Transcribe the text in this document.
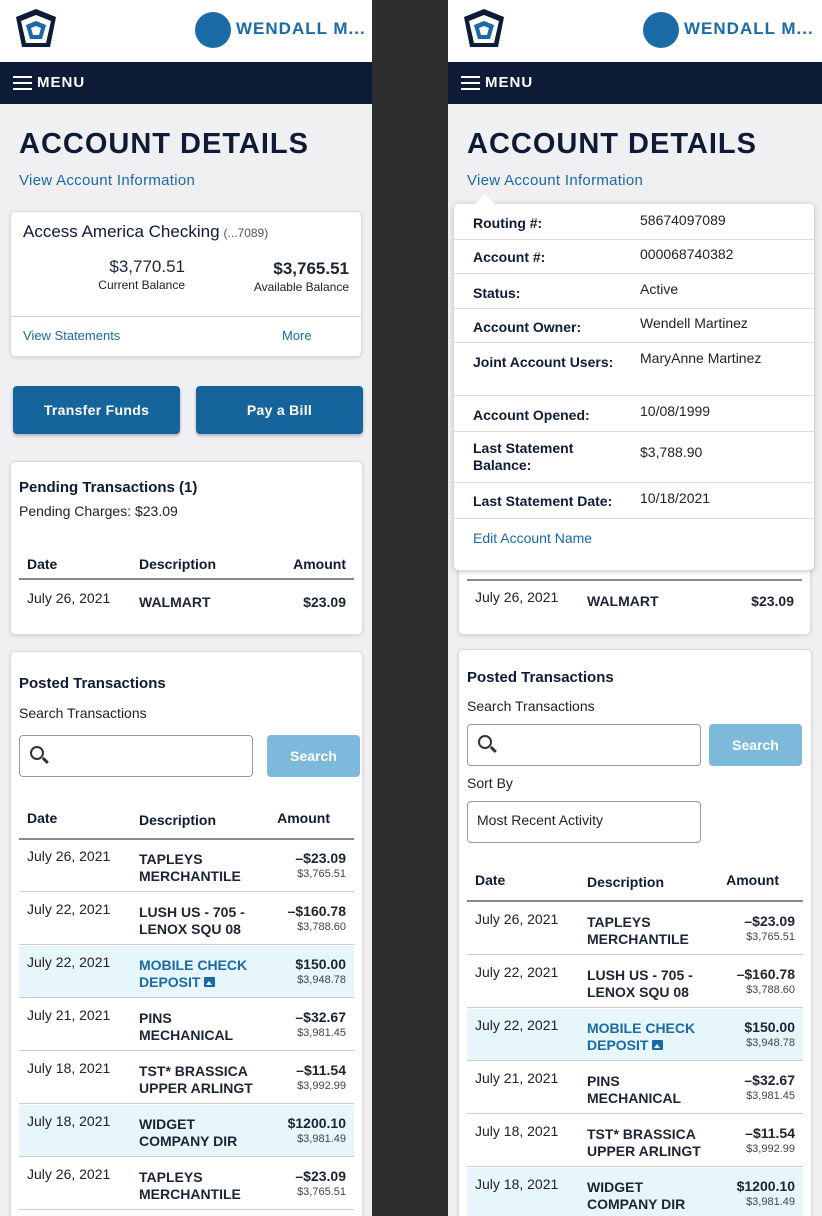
WENDALL M...
MENU
ACCOUNT DETAILS
View Account Information
Access America Checking (...7089)
$3,770.51
Current Balance
$3,765.51
Available Balance
View Statements	More
Transfer Funds	Pay a Bill
Pending Transactions (1)
Pending Charges: $23.09
Date	Description	Amount
July 26, 2021 WALMART	$23.09
Posted Transactions
Search Transactions
Search
Date	Description	Amount
July 26, 2021 TAPLEYS MERCHANTILE
–$23.09
$3,765.51
July 22, 2021 LUSH US - 705 - LENOX SQU 08
–$160.78
$3,788.60
July 22, 2021 MOBILE CHECK DEPOSIT
$150.00
$3,948.78
July 21, 2021 PINS MECHANICAL
–$32.67
$3,981.45
July 18, 2021 TST* BRASSICA UPPER ARLINGT
–$11.54
$3,992.99
July 18, 2021 WIDGET COMPANY DIR
$1200.10
$3,981.49
July 26, 2021 TAPLEYS MERCHANTILE
–$23.09
$3,765.51
WENDALL M...
MENU
ACCOUNT DETAILS
View Account Information
July 26, 2021 WALMART	$23.09
Routing #:	58674097089
Account #:	000068740382
Status:	Active
Account Owner:	Wendell Martinez
Joint Account Users:	MaryAnne Martinez
Account Opened:	10/08/1999
Last Statement Balance:
$3,788.90
Last Statement Date:	10/18/2021
Edit Account Name
Posted Transactions
Search Transactions
Search
Sort By
Most Recent Activity
Date	Description	Amount
July 26, 2021 TAPLEYS MERCHANTILE
–$23.09
$3,765.51
July 22, 2021 LUSH US - 705 - LENOX SQU 08
–$160.78
$3,788.60
July 22, 2021 MOBILE CHECK DEPOSIT
$150.00
$3,948.78
July 21, 2021 PINS MECHANICAL
–$32.67
$3,981.45
July 18, 2021 TST* BRASSICA UPPER ARLINGT
–$11.54
$3,992.99
July 18, 2021 WIDGET COMPANY DIR
$1200.10
$3,981.49
